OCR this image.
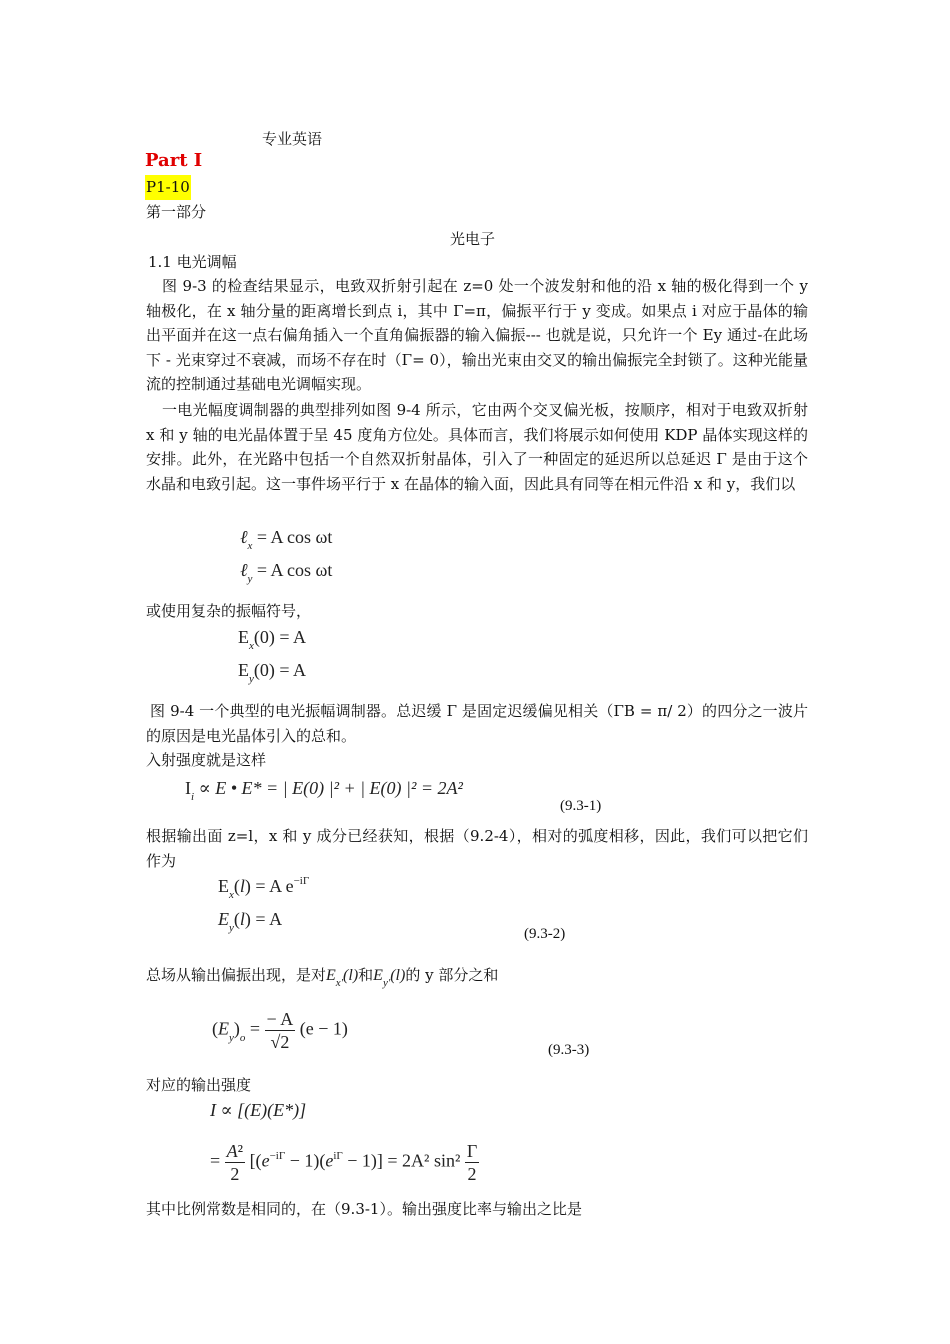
专业英语
Part I
P1-10
第一部分
光电子
1.1 电光调幅
图 9-3 的检查结果显示，电致双折射引起在 z=0 处一个波发射和他的沿 x 轴的极化得到一个 y 轴极化，在 x 轴分量的距离增长到点 i，其中 Γ=π，偏振平行于 y 变成。如果点 i 对应于晶体的输出平面并在这一点右偏角插入一个直角偏振器的输入偏振--- 也就是说，只允许一个 Ey 通过-在此场下 - 光束穿过不衰减，而场不存在时（Γ= 0），输出光束由交叉的输出偏振完全封锁了。这种光能量流的控制通过基础电光调幅实现。
一电光幅度调制器的典型排列如图 9-4 所示，它由两个交叉偏光板，按顺序，相对于电致双折射 x 和 y 轴的电光晶体置于呈 45 度角方位处。具体而言，我们将展示如何使用 KDP 晶体实现这样的安排。此外，在光路中包括一个自然双折射晶体，引入了一种固定的延迟所以总延迟 Γ 是由于这个水晶和电致引起。这一事件场平行于 x 在晶体的输入面，因此具有同等在相元件沿 x 和 y，我们以
ℓ$_x$ = A cos ωt
ℓ$_y$ = A cos ωt
或使用复杂的振幅符号，
$E_x(0) = A$
$E_y(0) = A$
图 9-4 一个典型的电光振幅调制器。总迟缓 Γ 是固定迟缓偏见相关（ΓB = π/ 2）的四分之一波片的原因是电光晶体引入的总和。
入射强度就是这样
$I_i \propto E$ • E* = | E(0) |² + | E(0) |² = 2A²
(9.3-1)
根据输出面 z=l，x 和 y 成分已经获知，根据（9.2-4），相对的弧度相移，因此，我们可以把它们作为
$E_x(l) = A$ $e^{-i\Gamma}$
$E_y(l) = A$
(9.3-2)
总场从输出偏振出现，是对$E_{x'}(l)$和$E_{y'}(l)$的 y 部分之和
$(E_y)_o = \frac{- A}{√2} (e - 1)$
(9.3-3)
对应的输出强度
I ∝ [(E)(E*)]
= $\frac{\text{A²}}{2} [(e^{-i\Gamma} - 1)(e^{i\Gamma} - 1)] = 2A^2$ $\sin^2 \frac{\Gamma}{2}$
其中比例常数是相同的，在（9.3-1）。输出强度比率与输出之比是
